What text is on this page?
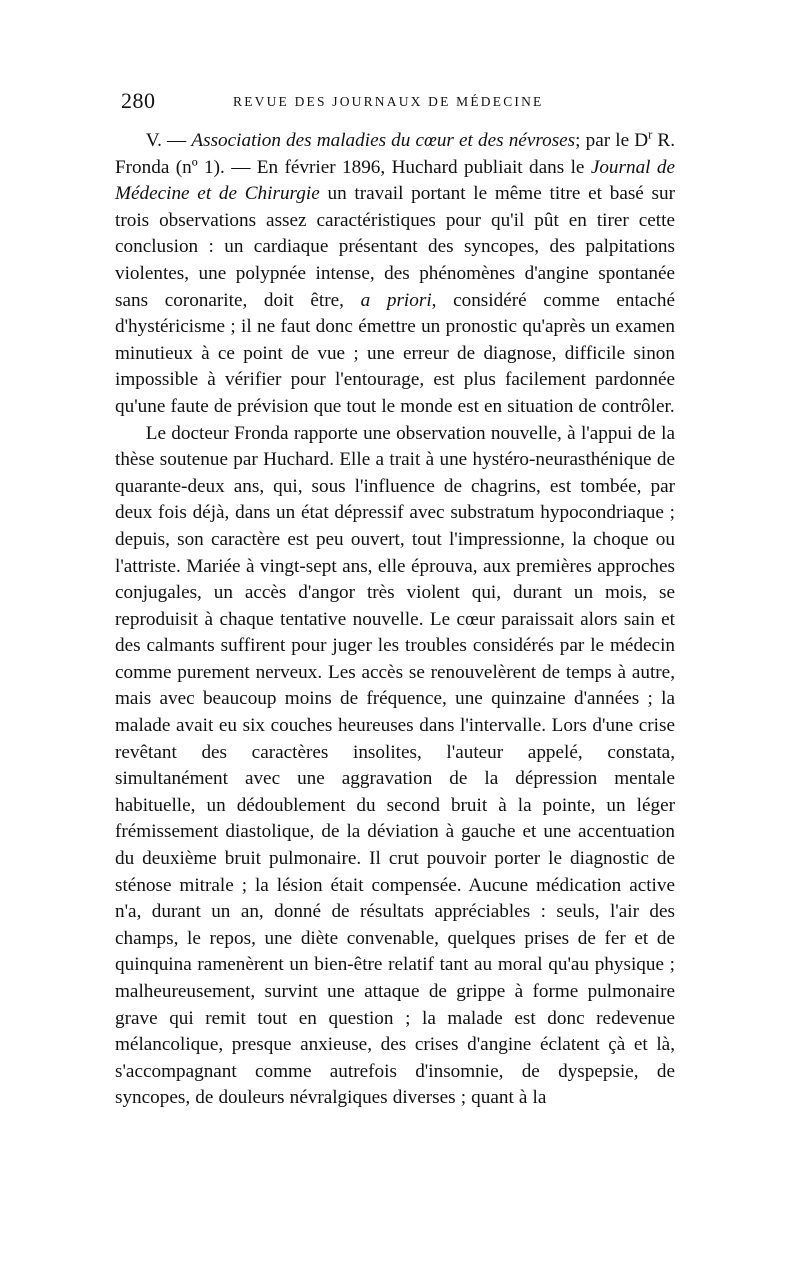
280	REVUE DES JOURNAUX DE MÉDECINE

V. — Association des maladies du cœur et des névroses; par le $D^r$ R. Fronda (nº 1). — En février 1896, Huchard publiait dans le Journal de Médecine et de Chirurgie un travail portant le même titre et basé sur trois observations assez caractéristiques pour qu'il pût en tirer cette conclusion : un cardiaque présentant des syncopes, des palpitations violentes, une polypnée intense, des phénomènes d'angine spontanée sans coronarite, doit être, a priori, considéré comme entaché d'hystéricisme ; il ne faut donc émettre un pronostic qu'après un examen minutieux à ce point de vue ; une erreur de diagnose, difficile sinon impossible à vérifier pour l'entourage, est plus facilement pardonnée qu'une faute de prévision que tout le monde est en situation de contrôler.

Le docteur Fronda rapporte une observation nouvelle, à l'appui de la thèse soutenue par Huchard. Elle a trait à une hystéro-neurasthénique de quarante-deux ans, qui, sous l'influence de chagrins, est tombée, par deux fois déjà, dans un état dépressif avec substratum hypocondriaque ; depuis, son caractère est peu ouvert, tout l'impressionne, la choque ou l'attriste. Mariée à vingt-sept ans, elle éprouva, aux premières approches conjugales, un accès d'angor très violent qui, durant un mois, se reproduisit à chaque tentative nouvelle. Le cœur paraissait alors sain et des calmants suffirent pour juger les troubles considérés par le médecin comme purement nerveux. Les accès se renouvelèrent de temps à autre, mais avec beaucoup moins de fréquence, une quinzaine d'années ; la malade avait eu six couches heureuses dans l'intervalle. Lors d'une crise revêtant des caractères insolites, l'auteur appelé, constata, simultanément avec une aggravation de la dépression mentale habituelle, un dédoublement du second bruit à la pointe, un léger frémissement diastolique, de la déviation à gauche et une accentuation du deuxième bruit pulmonaire. Il crut pouvoir porter le diagnostic de sténose mitrale ; la lésion était compensée. Aucune médication active n'a, durant un an, donné de résultats appréciables : seuls, l'air des champs, le repos, une diète convenable, quelques prises de fer et de quinquina ramenèrent un bien-être relatif tant au moral qu'au physique ; malheureusement, survint une attaque de grippe à forme pulmonaire grave qui remit tout en question ; la malade est donc redevenue mélancolique, presque anxieuse, des crises d'angine éclatent çà et là, s'accompagnant comme autrefois d'insomnie, de dyspepsie, de syncopes, de douleurs névralgiques diverses ; quant à la
